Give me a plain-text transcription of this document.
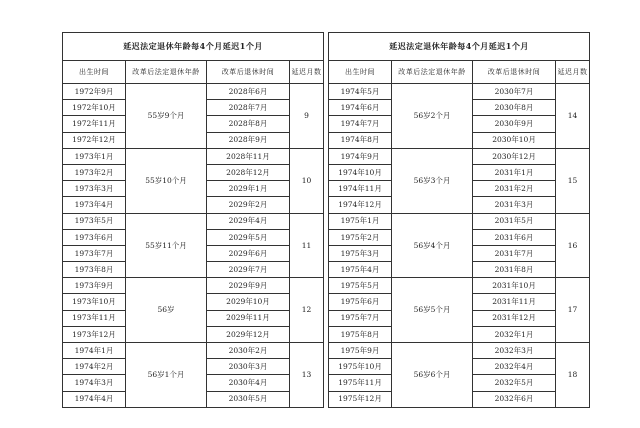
延迟法定退休年龄每4个月延迟1个月			
出生时间	改革后法定退休年龄	改革后退休时间	延迟月数
1972年9月	55岁9个月	2028年6月	9
1972年10月		2028年7月	
1972年11月		2028年8月	
1972年12月		2028年9月	
1973年1月	55岁10个月	2028年11月	10
1973年2月		2028年12月	
1973年3月		2029年1月	
1973年4月		2029年2月	
1973年5月	55岁11个月	2029年4月	11
1973年6月		2029年5月	
1973年7月		2029年6月	
1973年8月		2029年7月	
1973年9月	56岁	2029年9月	12
1973年10月		2029年10月	
1973年11月		2029年11月	
1973年12月		2029年12月	
1974年1月	56岁1个月	2030年2月	13
1974年2月		2030年3月	
1974年3月		2030年4月	
1974年4月		2030年5月	
延迟法定退休年龄每4个月延迟1个月			
出生时间	改革后法定退休年龄	改革后退休时间	延迟月数
1974年5月	56岁2个月	2030年7月	14
1974年6月		2030年8月	
1974年7月		2030年9月	
1974年8月		2030年10月	
1974年9月	56岁3个月	2030年12月	15
1974年10月		2031年1月	
1974年11月		2031年2月	
1974年12月		2031年3月	
1975年1月	56岁4个月	2031年5月	16
1975年2月		2031年6月	
1975年3月		2031年7月	
1975年4月		2031年8月	
1975年5月	56岁5个月	2031年10月	17
1975年6月		2031年11月	
1975年7月		2031年12月	
1975年8月		2032年1月	
1975年9月	56岁6个月	2032年3月	18
1975年10月		2032年4月	
1975年11月		2032年5月	
1975年12月		2032年6月	
